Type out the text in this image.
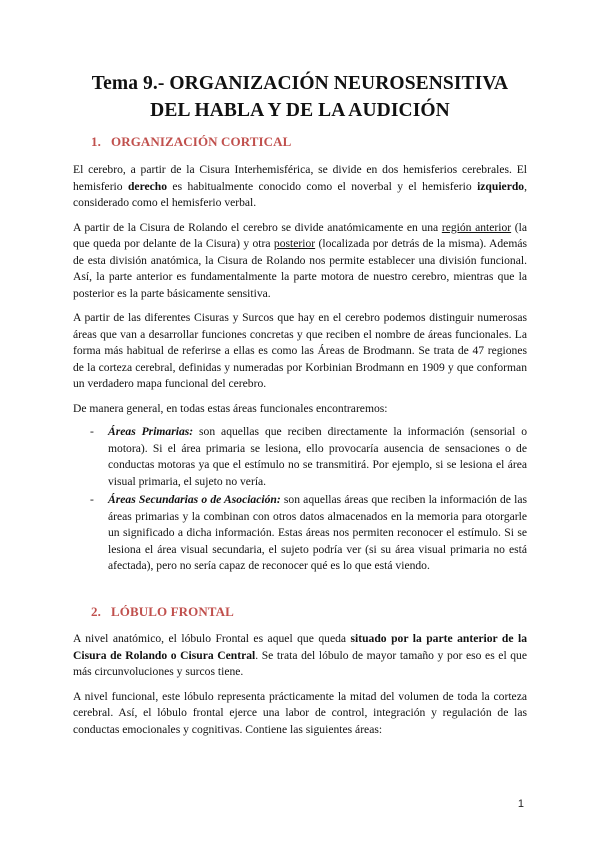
Tema 9.- ORGANIZACIÓN NEUROSENSITIVA
DEL HABLA Y DE LA AUDICIÓN
1. ORGANIZACIÓN CORTICAL

El cerebro, a partir de la Cisura Interhemisférica, se divide en dos hemisferios cerebrales. El hemisferio derecho es habitualmente conocido como el noverbal y el hemisferio izquierdo, considerado como el hemisferio verbal.

A partir de la Cisura de Rolando el cerebro se divide anatómicamente en una región anterior (la que queda por delante de la Cisura) y otra posterior (localizada por detrás de la misma). Además de esta división anatómica, la Cisura de Rolando nos permite establecer una división funcional. Así, la parte anterior es fundamentalmente la parte motora de nuestro cerebro, mientras que la posterior es la parte básicamente sensitiva.

A partir de las diferentes Cisuras y Surcos que hay en el cerebro podemos distinguir numerosas áreas que van a desarrollar funciones concretas y que reciben el nombre de áreas funcionales. La forma más habitual de referirse a ellas es como las Áreas de Brodmann. Se trata de 47 regiones de la corteza cerebral, definidas y numeradas por Korbinian Brodmann en 1909 y que conforman un verdadero mapa funcional del cerebro.

De manera general, en todas estas áreas funcionales encontraremos:

- Áreas Primarias: son aquellas que reciben directamente la información (sensorial o motora). Si el área primaria se lesiona, ello provocaría ausencia de sensaciones o de conductas motoras ya que el estímulo no se transmitirá. Por ejemplo, si se lesiona el área visual primaria, el sujeto no vería.
- Áreas Secundarias o de Asociación: son aquellas áreas que reciben la información de las áreas primarias y la combinan con otros datos almacenados en la memoria para otorgarle un significado a dicha información. Estas áreas nos permiten reconocer el estímulo. Si se lesiona el área visual secundaria, el sujeto podría ver (si su área visual primaria no está afectada), pero no sería capaz de reconocer qué es lo que está viendo.
2. LÓBULO FRONTAL

A nivel anatómico, el lóbulo Frontal es aquel que queda situado por la parte anterior de la Cisura de Rolando o Cisura Central. Se trata del lóbulo de mayor tamaño y por eso es el que más circunvoluciones y surcos tiene.

A nivel funcional, este lóbulo representa prácticamente la mitad del volumen de toda la corteza cerebral. Así, el lóbulo frontal ejerce una labor de control, integración y regulación de las conductas emocionales y cognitivas. Contiene las siguientes áreas:

1
